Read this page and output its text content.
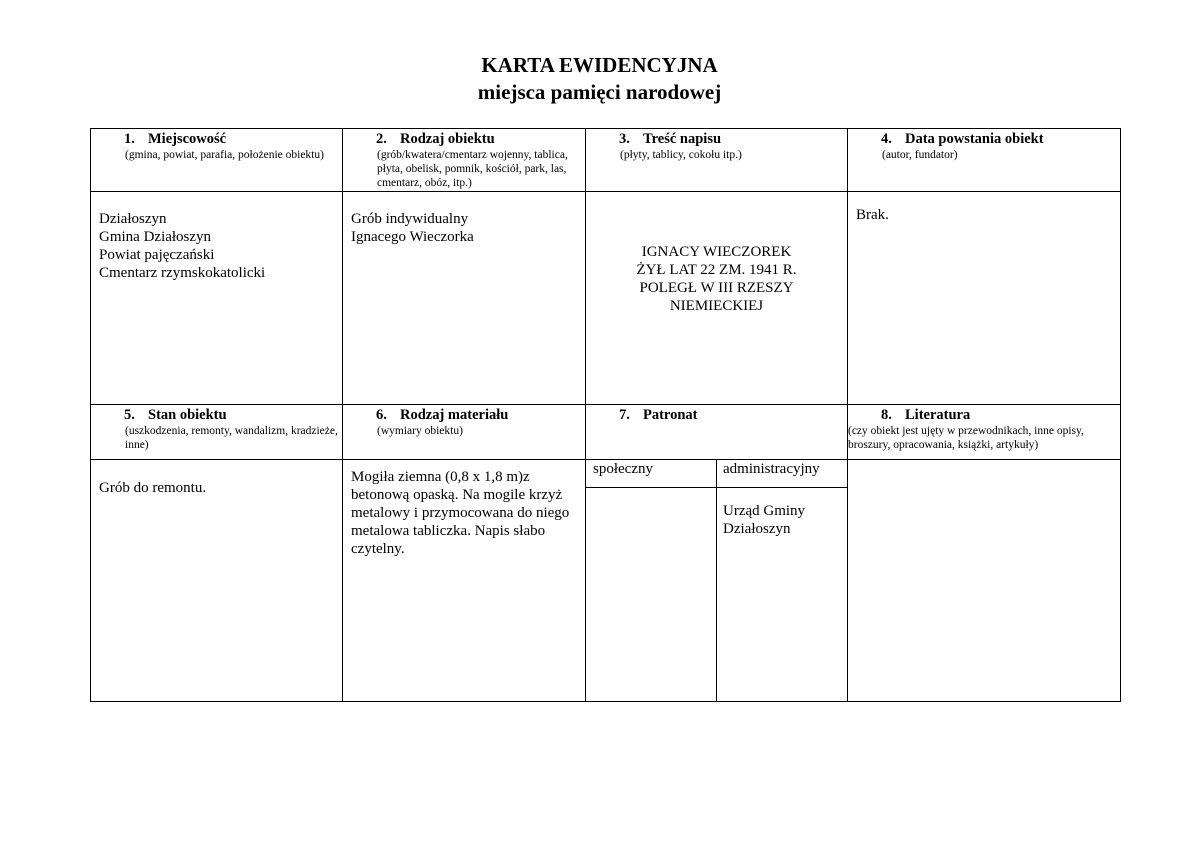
KARTA EWIDENCYJNA
miejsca pamięci narodowej
1. Miejscowość
(gmina, powiat, parafia, położenie obiektu)
2. Rodzaj obiektu
(grób/kwatera/cmentarz wojenny, tablica, płyta, obelisk, pomnik, kościół, park, las, cmentarz, obóz, itp.)
3. Treść napisu
(płyty, tablicy, cokołu itp.)
4. Data powstania obiekt
(autor, fundator)
Działoszyn
Gmina Działoszyn
Powiat pajęczański
Cmentarz rzymskokatolicki
Grób indywidualny
Ignacego Wieczorka
IGNACY WIECZOREK
ŻYŁ LAT 22 ZM. 1941 R.
POLEGŁ W III RZESZY
NIEMIECKIEJ
Brak.
5. Stan obiektu
(uszkodzenia, remonty, wandalizm, kradzieże, inne)
6. Rodzaj materiału
(wymiary obiektu)
7. Patronat	8. Literatura
(czy obiekt jest ujęty w przewodnikach, inne opisy, broszury, opracowania, książki, artykuły)
Grób do remontu.
Mogiła ziemna (0,8 x 1,8 m)z betonową opaską. Na mogile krzyż metalowy i przymocowana do niego metalowa tabliczka. Napis słabo czytelny.
społeczny	administracyjny
Urząd Gminy
Działoszyn
